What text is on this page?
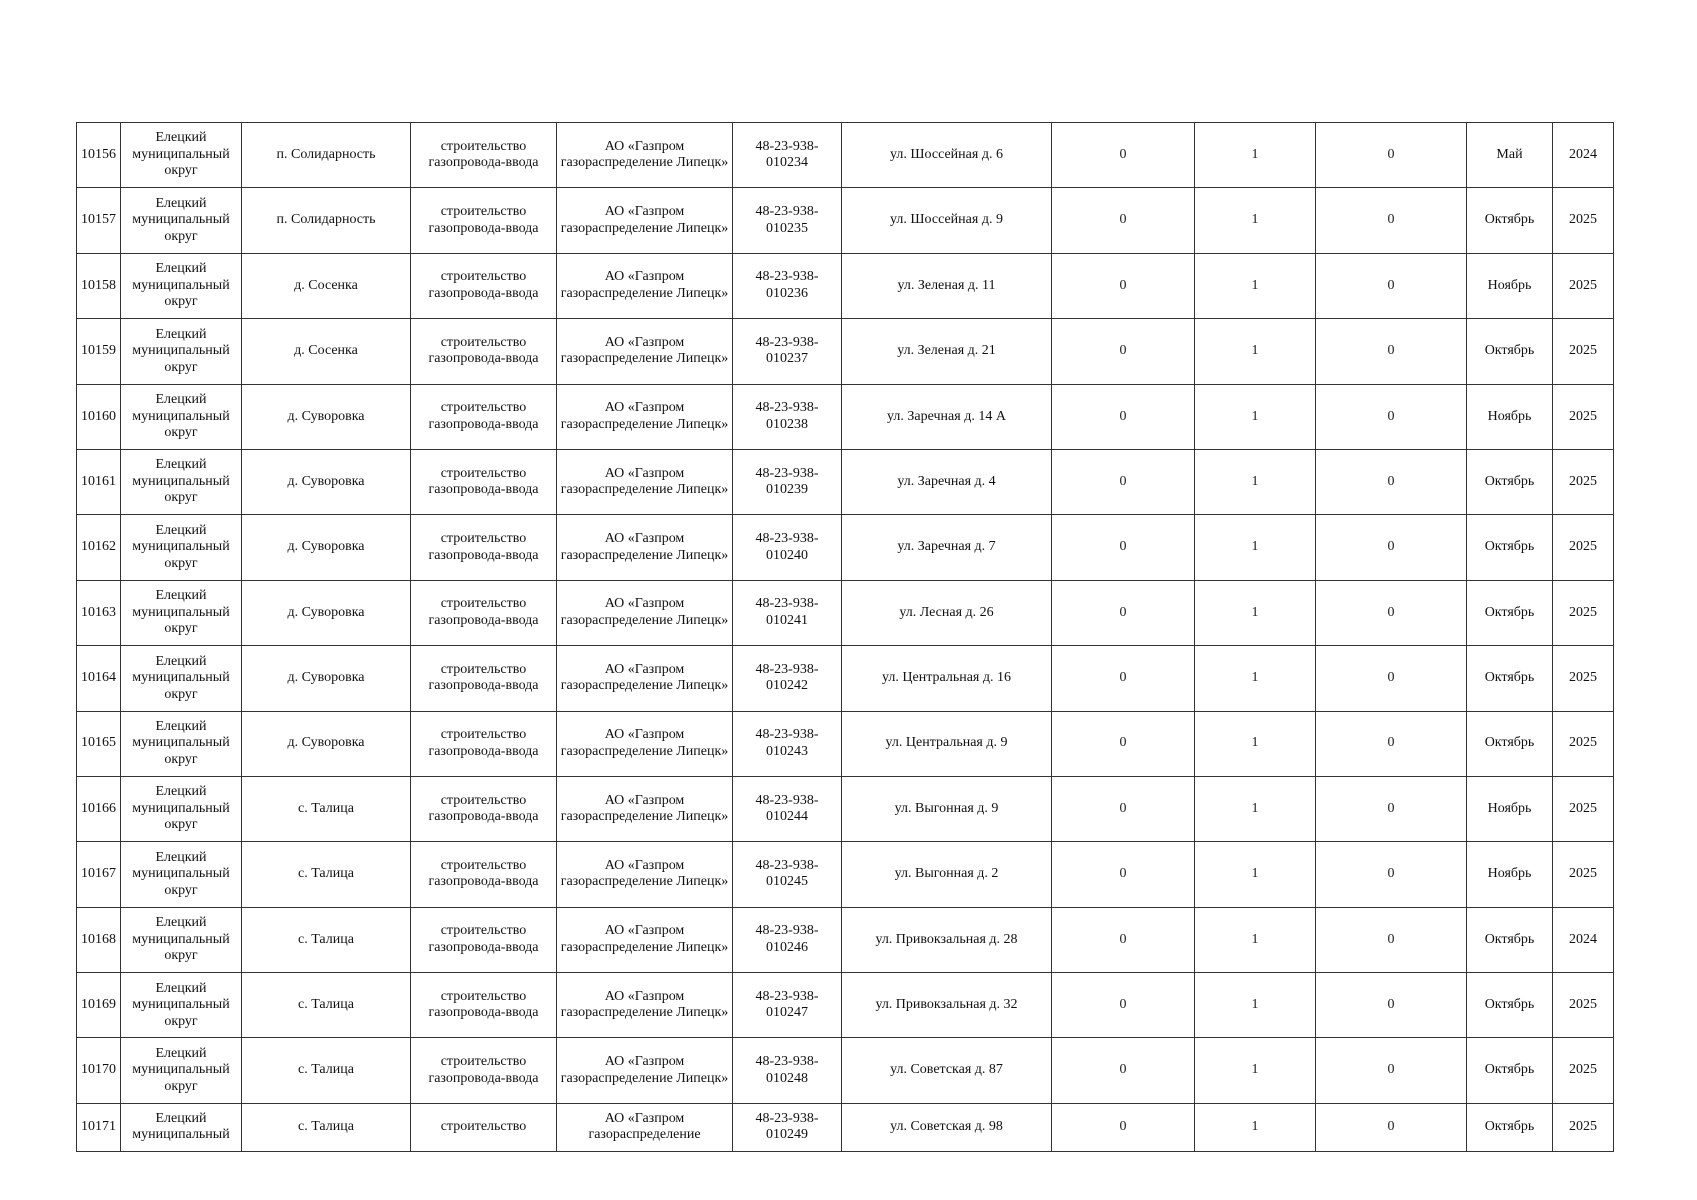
10156	Елецкий муниципальный округ	п. Солидарность	строительство газопровода-ввода	АО «Газпром газораспределение Липецк»	48-23-938-010234	ул. Шоссейная д. 6	0	1	0	Май	2024
10157	Елецкий муниципальный округ	п. Солидарность	строительство газопровода-ввода	АО «Газпром газораспределение Липецк»	48-23-938-010235	ул. Шоссейная д. 9	0	1	0	Октябрь	2025
10158	Елецкий муниципальный округ	д. Сосенка	строительство газопровода-ввода	АО «Газпром газораспределение Липецк»	48-23-938-010236	ул. Зеленая д. 11	0	1	0	Ноябрь	2025
10159	Елецкий муниципальный округ	д. Сосенка	строительство газопровода-ввода	АО «Газпром газораспределение Липецк»	48-23-938-010237	ул. Зеленая д. 21	0	1	0	Октябрь	2025
10160	Елецкий муниципальный округ	д. Суворовка	строительство газопровода-ввода	АО «Газпром газораспределение Липецк»	48-23-938-010238	ул. Заречная д. 14 А	0	1	0	Ноябрь	2025
10161	Елецкий муниципальный округ	д. Суворовка	строительство газопровода-ввода	АО «Газпром газораспределение Липецк»	48-23-938-010239	ул. Заречная д. 4	0	1	0	Октябрь	2025
10162	Елецкий муниципальный округ	д. Суворовка	строительство газопровода-ввода	АО «Газпром газораспределение Липецк»	48-23-938-010240	ул. Заречная д. 7	0	1	0	Октябрь	2025
10163	Елецкий муниципальный округ	д. Суворовка	строительство газопровода-ввода	АО «Газпром газораспределение Липецк»	48-23-938-010241	ул. Лесная д. 26	0	1	0	Октябрь	2025
10164	Елецкий муниципальный округ	д. Суворовка	строительство газопровода-ввода	АО «Газпром газораспределение Липецк»	48-23-938-010242	ул. Центральная д. 16	0	1	0	Октябрь	2025
10165	Елецкий муниципальный округ	д. Суворовка	строительство газопровода-ввода	АО «Газпром газораспределение Липецк»	48-23-938-010243	ул. Центральная д. 9	0	1	0	Октябрь	2025
10166	Елецкий муниципальный округ	с. Талица	строительство газопровода-ввода	АО «Газпром газораспределение Липецк»	48-23-938-010244	ул. Выгонная д. 9	0	1	0	Ноябрь	2025
10167	Елецкий муниципальный округ	с. Талица	строительство газопровода-ввода	АО «Газпром газораспределение Липецк»	48-23-938-010245	ул. Выгонная д. 2	0	1	0	Ноябрь	2025
10168	Елецкий муниципальный округ	с. Талица	строительство газопровода-ввода	АО «Газпром газораспределение Липецк»	48-23-938-010246	ул. Привокзальная д. 28	0	1	0	Октябрь	2024
10169	Елецкий муниципальный округ	с. Талица	строительство газопровода-ввода	АО «Газпром газораспределение Липецк»	48-23-938-010247	ул. Привокзальная д. 32	0	1	0	Октябрь	2025
10170	Елецкий муниципальный округ	с. Талица	строительство газопровода-ввода	АО «Газпром газораспределение Липецк»	48-23-938-010248	ул. Советская д. 87	0	1	0	Октябрь	2025
10171	Елецкий муниципальный	с. Талица	строительство	АО «Газпром газораспределение	48-23-938-010249	ул. Советская д. 98	0	1	0	Октябрь	2025
